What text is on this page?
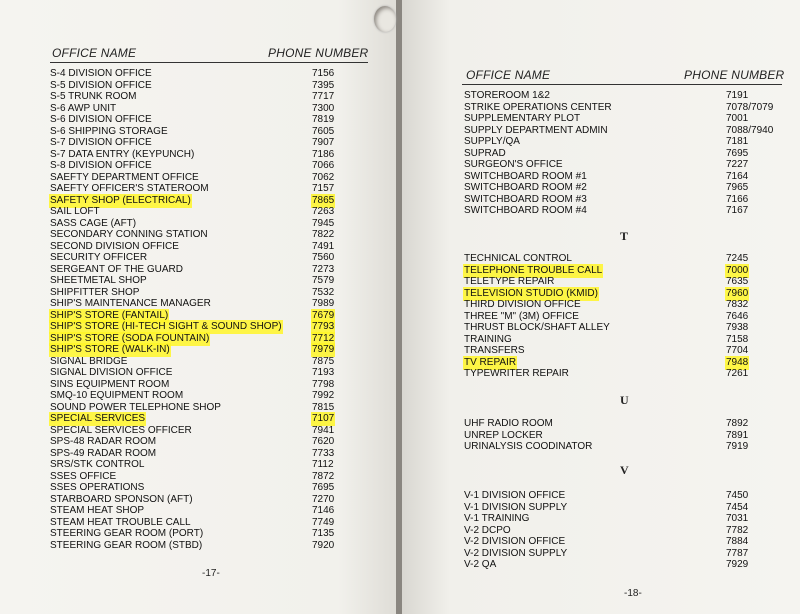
OFFICE NAME	PHONE NUMBER
S-4 DIVISION OFFICE	7156
S-5 DIVISION OFFICE	7395
S-5 TRUNK ROOM	7717
S-6 AWP UNIT	7300
S-6 DIVISION OFFICE	7819
S-6 SHIPPING STORAGE	7605
S-7 DIVISION OFFICE	7907
S-7 DATA ENTRY (KEYPUNCH)	7186
S-8 DIVISION OFFICE	7066
SAEFTY DEPARTMENT OFFICE	7062
SAEFTY OFFICER'S STATEROOM	7157
SAFETY SHOP (ELECTRICAL)	7865
SAIL LOFT	7263
SASS CAGE (AFT)	7945
SECONDARY CONNING STATION	7822
SECOND DIVISION OFFICE	7491
SECURITY OFFICER	7560
SERGEANT OF THE GUARD	7273
SHEETMETAL SHOP	7579
SHIPFITTER SHOP	7532
SHIP'S MAINTENANCE MANAGER	7989
SHIP'S STORE (FANTAIL)	7679
SHIP'S STORE (HI-TECH SIGHT & SOUND SHOP)	7793
SHIP'S STORE (SODA FOUNTAIN)	7712
SHIP'S STORE (WALK-IN)	7979
SIGNAL BRIDGE	7875
SIGNAL DIVISION OFFICE	7193
SINS EQUIPMENT ROOM	7798
SMQ-10 EQUIPMENT ROOM	7992
SOUND POWER TELEPHONE SHOP	7815
SPECIAL SERVICES	7107
SPECIAL SERVICES OFFICER	7941
SPS-48 RADAR ROOM	7620
SPS-49 RADAR ROOM	7733
SRS/STK CONTROL	7112
SSES OFFICE	7872
SSES OPERATIONS	7695
STARBOARD SPONSON (AFT)	7270
STEAM HEAT SHOP	7146
STEAM HEAT TROUBLE CALL	7749
STEERING GEAR ROOM (PORT)	7135
STEERING GEAR ROOM (STBD)	7920
-17-
OFFICE NAME	PHONE NUMBER
STOREROOM 1&2	7191
STRIKE OPERATIONS CENTER	7078/7079
SUPPLEMENTARY PLOT	7001
SUPPLY DEPARTMENT ADMIN	7088/7940
SUPPLY/QA	7181
SUPRAD	7695
SURGEON'S OFFICE	7227
SWITCHBOARD ROOM #1	7164
SWITCHBOARD ROOM #2	7965
SWITCHBOARD ROOM #3	7166
SWITCHBOARD ROOM #4	7167
T
TECHNICAL CONTROL	7245
TELEPHONE TROUBLE CALL	7000
TELETYPE REPAIR	7635
TELEVISION STUDIO (KMID)	7960
THIRD DIVISION OFFICE	7832
THREE "M" (3M) OFFICE	7646
THRUST BLOCK/SHAFT ALLEY	7938
TRAINING	7158
TRANSFERS	7704
TV REPAIR	7948
TYPEWRITER REPAIR	7261
U
UHF RADIO ROOM	7892
UNREP LOCKER	7891
URINALYSIS COODINATOR	7919
V
V-1 DIVISION OFFICE	7450
V-1 DIVISION SUPPLY	7454
V-1 TRAINING	7031
V-2 DCPO	7782
V-2 DIVISION OFFICE	7884
V-2 DIVISION SUPPLY	7787
V-2 QA	7929
-18-
